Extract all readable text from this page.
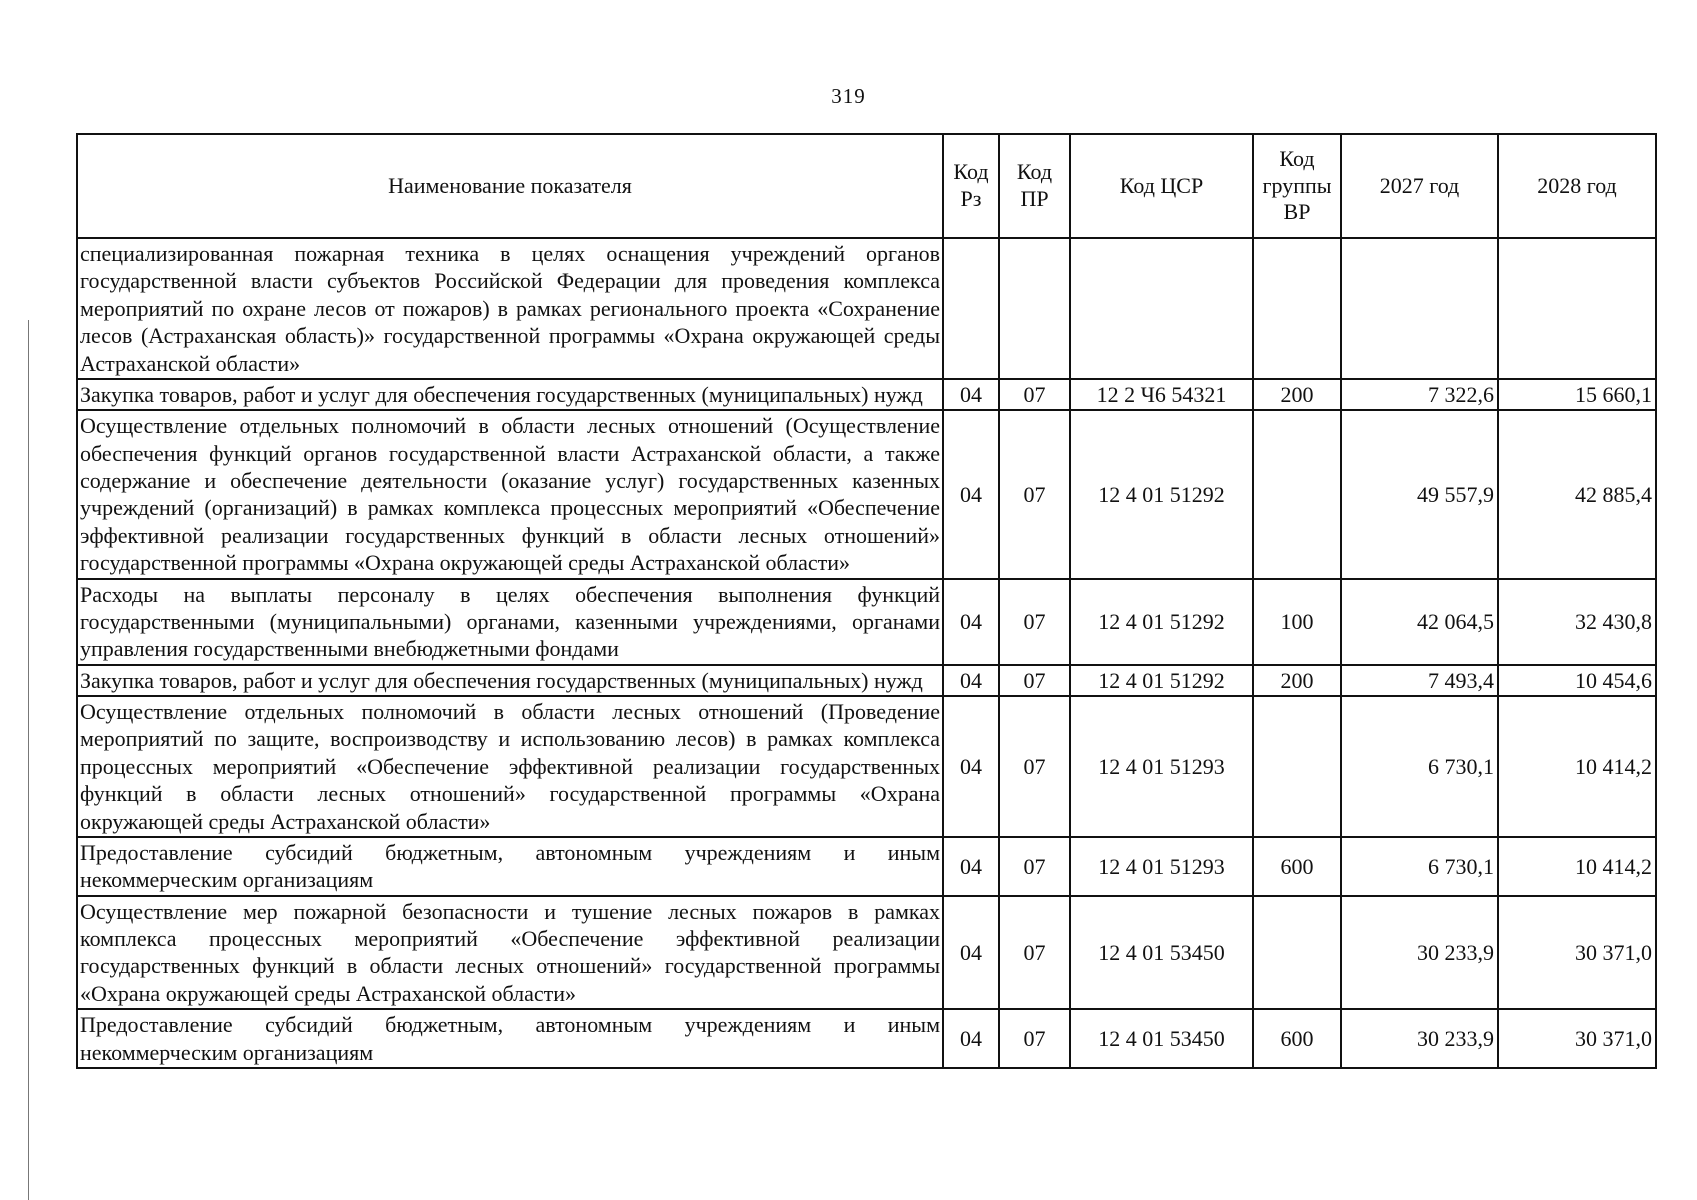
319
Наименование показателя	Код Рз	Код ПР	Код ЦСР	Код группы ВР	2027 год	2028 год
специализированная пожарная техника в целях оснащения учреждений органов государственной власти субъектов Российской Федерации для проведения комплекса мероприятий по охране лесов от пожаров) в рамках регионального проекта «Сохранение лесов (Астраханская область)» государственной программы «Охрана окружающей среды Астраханской области»						
Закупка товаров, работ и услуг для обеспечения государственных (муниципальных) нужд	04	07	12 2 Ч6 54321	200	7 322,6	15 660,1
Осуществление отдельных полномочий в области лесных отношений (Осуществление обеспечения функций органов государственной власти Астраханской области, а также содержание и обеспечение деятельности (оказание услуг) государственных казенных учреждений (организаций) в рамках комплекса процессных мероприятий «Обеспечение эффективной реализации государственных функций в области лесных отношений» государственной программы «Охрана окружающей среды Астраханской области»	04	07	12 4 01 51292		49 557,9	42 885,4
Расходы на выплаты персоналу в целях обеспечения выполнения функций государственными (муниципальными) органами, казенными учреждениями, органами управления государственными внебюджетными фондами	04	07	12 4 01 51292	100	42 064,5	32 430,8
Закупка товаров, работ и услуг для обеспечения государственных (муниципальных) нужд	04	07	12 4 01 51292	200	7 493,4	10 454,6
Осуществление отдельных полномочий в области лесных отношений (Проведение мероприятий по защите, воспроизводству и использованию лесов) в рамках комплекса процессных мероприятий «Обеспечение эффективной реализации государственных функций в области лесных отношений» государственной программы «Охрана окружающей среды Астраханской области»	04	07	12 4 01 51293		6 730,1	10 414,2
Предоставление субсидий бюджетным, автономным учреждениям и иным некоммерческим организациям	04	07	12 4 01 51293	600	6 730,1	10 414,2
Осуществление мер пожарной безопасности и тушение лесных пожаров в рамках комплекса процессных мероприятий «Обеспечение эффективной реализации государственных функций в области лесных отношений» государственной программы «Охрана окружающей среды Астраханской области»	04	07	12 4 01 53450		30 233,9	30 371,0
Предоставление субсидий бюджетным, автономным учреждениям и иным некоммерческим организациям	04	07	12 4 01 53450	600	30 233,9	30 371,0
